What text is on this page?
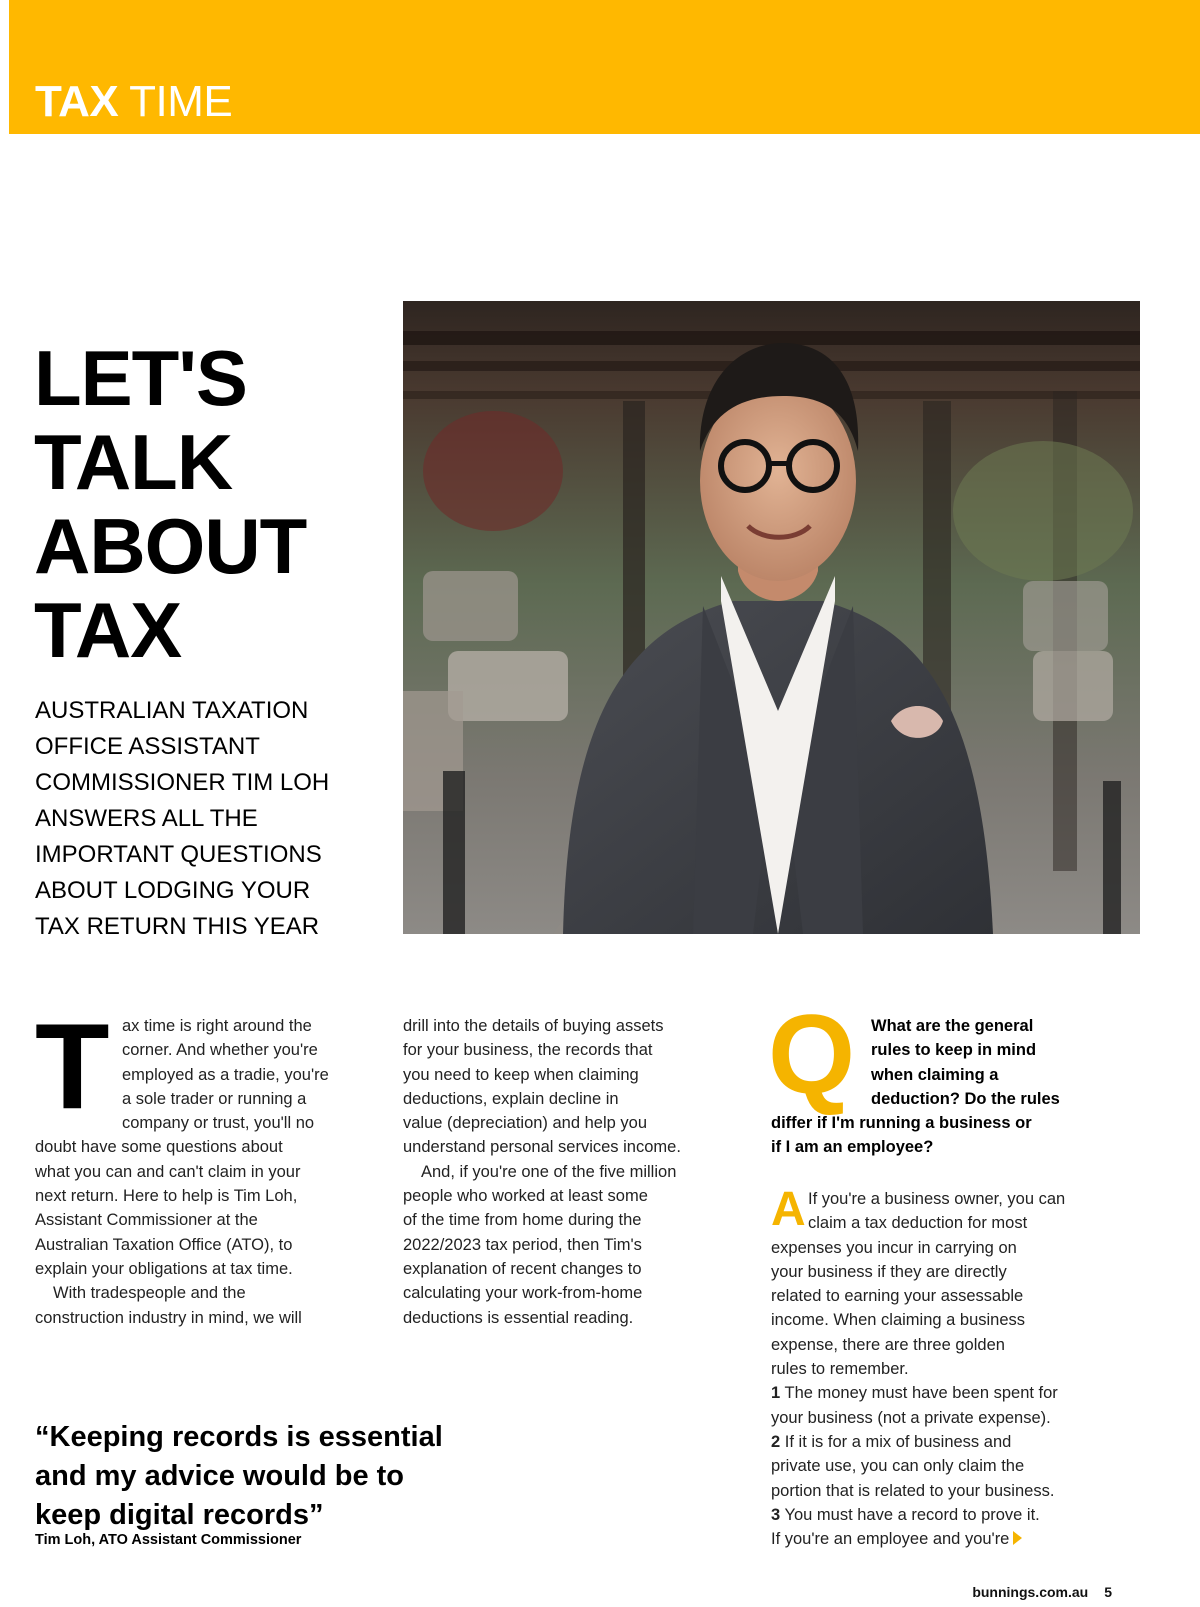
TAX TIME
LET'S
TALK
ABOUT
TAX
AUSTRALIAN TAXATION
OFFICE ASSISTANT
COMMISSIONER TIM LOH
ANSWERS ALL THE
IMPORTANT QUESTIONS
ABOUT LODGING YOUR
TAX RETURN THIS YEAR
T ax time is right around the
corner. And whether you're
employed as a tradie, you're
a sole trader or running a
company or trust, you'll no
doubt have some questions about
what you can and can't claim in your
next return. Here to help is Tim Loh,
Assistant Commissioner at the
Australian Taxation Office (ATO), to
explain your obligations at tax time.
With tradespeople and the
construction industry in mind, we will
drill into the details of buying assets
for your business, the records that
you need to keep when claiming
deductions, explain decline in
value (depreciation) and help you
understand personal services income.
And, if you're one of the five million
people who worked at least some
of the time from home during the
2022/2023 tax period, then Tim's
explanation of recent changes to
calculating your work-from-home
deductions is essential reading.
Q What are the general
rules to keep in mind
when claiming a
deduction? Do the rules
differ if I'm running a business or
if I am an employee?
A If you're a business owner, you can
claim a tax deduction for most
expenses you incur in carrying on
your business if they are directly
related to earning your assessable
income. When claiming a business
expense, there are three golden
rules to remember.
1 The money must have been spent for
your business (not a private expense).
2 If it is for a mix of business and
private use, you can only claim the
portion that is related to your business.
3 You must have a record to prove it.
If you're an employee and you're
“Keeping records is essential
and my advice would be to
keep digital records”
Tim Loh, ATO Assistant Commissioner
bunnings.com.au 5
